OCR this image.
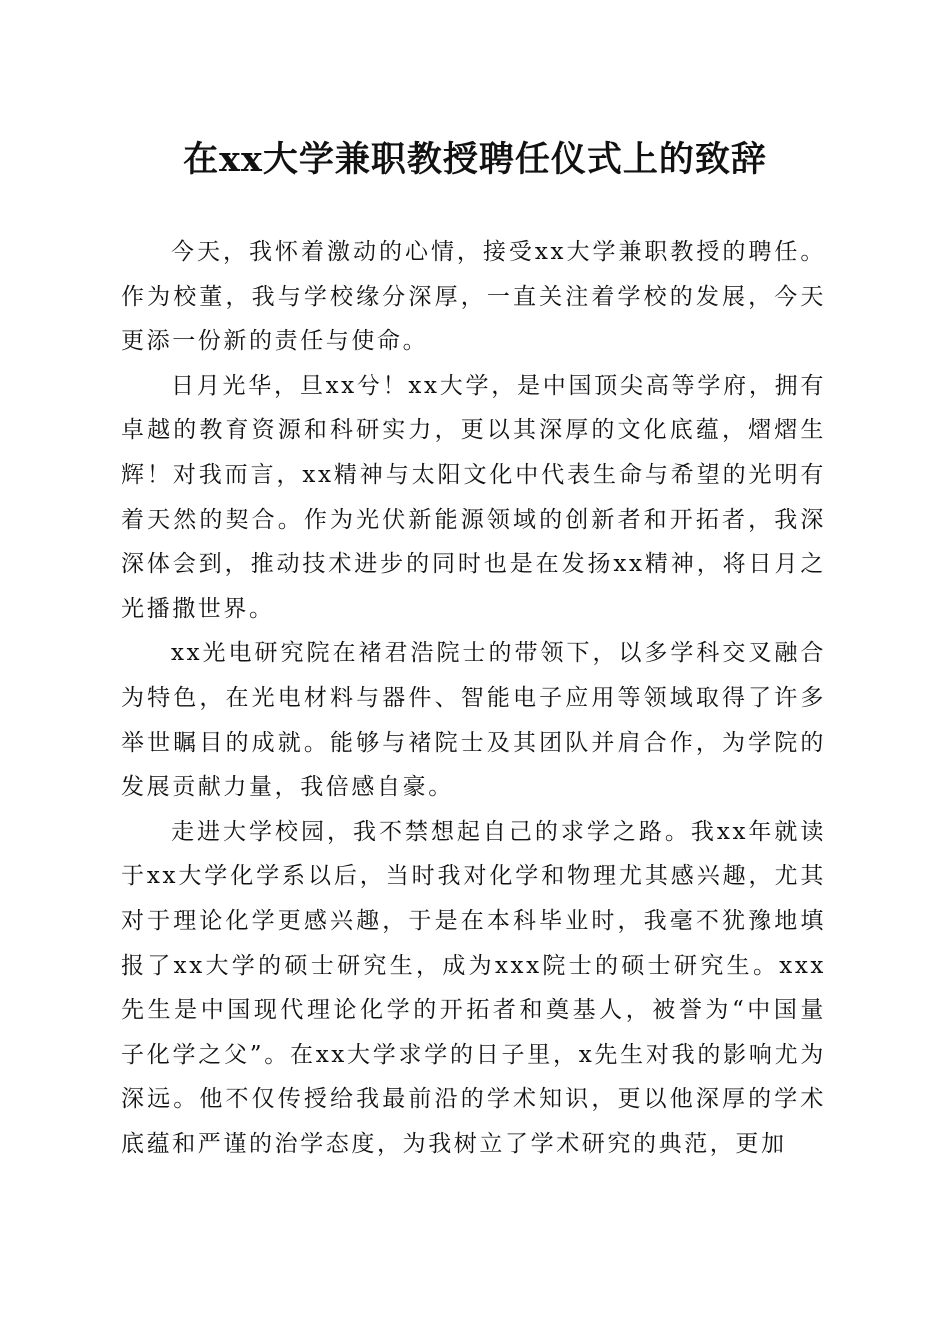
在xx大学兼职教授聘任仪式上的致辞

今天，我怀着激动的心情，接受xx大学兼职教授的聘任。作为校董，我与学校缘分深厚，一直关注着学校的发展，今天更添一份新的责任与使命。

日月光华，旦xx兮！xx大学，是中国顶尖高等学府，拥有卓越的教育资源和科研实力，更以其深厚的文化底蕴，熠熠生辉！对我而言，xx精神与太阳文化中代表生命与希望的光明有着天然的契合。作为光伏新能源领域的创新者和开拓者，我深深体会到，推动技术进步的同时也是在发扬xx精神，将日月之光播撒世界。

xx光电研究院在褚君浩院士的带领下，以多学科交叉融合为特色，在光电材料与器件、智能电子应用等领域取得了许多举世瞩目的成就。能够与褚院士及其团队并肩合作，为学院的发展贡献力量，我倍感自豪。

走进大学校园，我不禁想起自己的求学之路。我xx年就读于xx大学化学系以后，当时我对化学和物理尤其感兴趣，尤其对于理论化学更感兴趣，于是在本科毕业时，我毫不犹豫地填报了xx大学的硕士研究生，成为xxx院士的硕士研究生。xxx先生是中国现代理论化学的开拓者和奠基人，被誉为“中国量子化学之父”。在xx大学求学的日子里，x先生对我的影响尤为深远。他不仅传授给我最前沿的学术知识，更以他深厚的学术底蕴和严谨的治学态度，为我树立了学术研究的典范，更加
